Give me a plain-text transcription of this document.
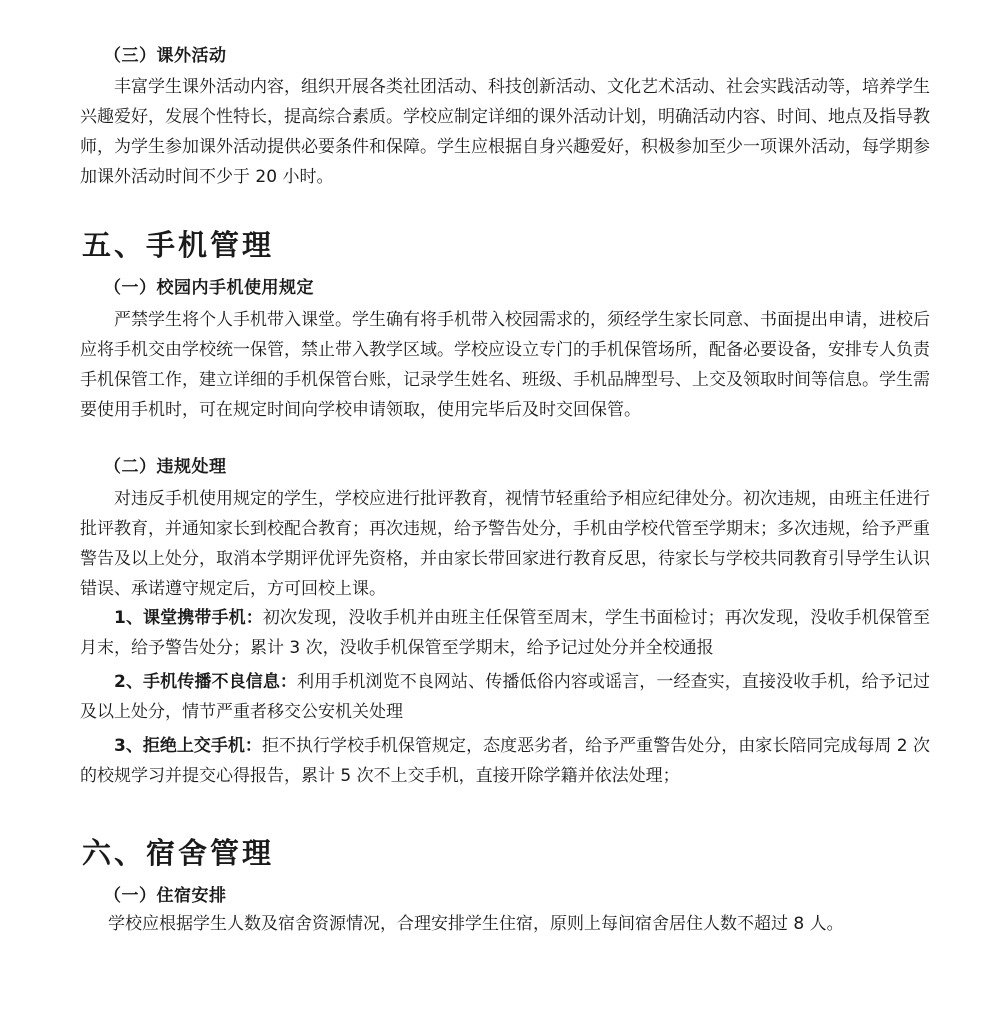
（三）课外活动

丰富学生课外活动内容，组织开展各类社团活动、科技创新活动、文化艺术活动、社会实践活动等，培养学生兴趣爱好，发展个性特长，提高综合素质。学校应制定详细的课外活动计划，明确活动内容、时间、地点及指导教师，为学生参加课外活动提供必要条件和保障。学生应根据自身兴趣爱好，积极参加至少一项课外活动，每学期参加课外活动时间不少于 20 小时。

五、手机管理
（一）校园内手机使用规定

严禁学生将个人手机带入课堂。学生确有将手机带入校园需求的，须经学生家长同意、书面提出申请，进校后应将手机交由学校统一保管，禁止带入教学区域。学校应设立专门的手机保管场所，配备必要设备，安排专人负责手机保管工作，建立详细的手机保管台账，记录学生姓名、班级、手机品牌型号、上交及领取时间等信息。学生需要使用手机时，可在规定时间向学校申请领取，使用完毕后及时交回保管。

（二）违规处理

对违反手机使用规定的学生，学校应进行批评教育，视情节轻重给予相应纪律处分。初次违规，由班主任进行批评教育，并通知家长到校配合教育；再次违规，给予警告处分，手机由学校代管至学期末；多次违规，给予严重警告及以上处分，取消本学期评优评先资格，并由家长带回家进行教育反思，待家长与学校共同教育引导学生认识错误、承诺遵守规定后，方可回校上课。

1、课堂携带手机：初次发现，没收手机并由班主任保管至周末，学生书面检讨；再次发现，没收手机保管至月末，给予警告处分；累计 3 次，没收手机保管至学期末，给予记过处分并全校通报

2、手机传播不良信息：利用手机浏览不良网站、传播低俗内容或谣言，一经查实，直接没收手机，给予记过及以上处分，情节严重者移交公安机关处理

3、拒绝上交手机：拒不执行学校手机保管规定，态度恶劣者，给予严重警告处分，由家长陪同完成每周 2 次的校规学习并提交心得报告，累计 5 次不上交手机，直接开除学籍并依法处理；

六、宿舍管理
（一）住宿安排

学校应根据学生人数及宿舍资源情况，合理安排学生住宿，原则上每间宿舍居住人数不超过 8 人。
